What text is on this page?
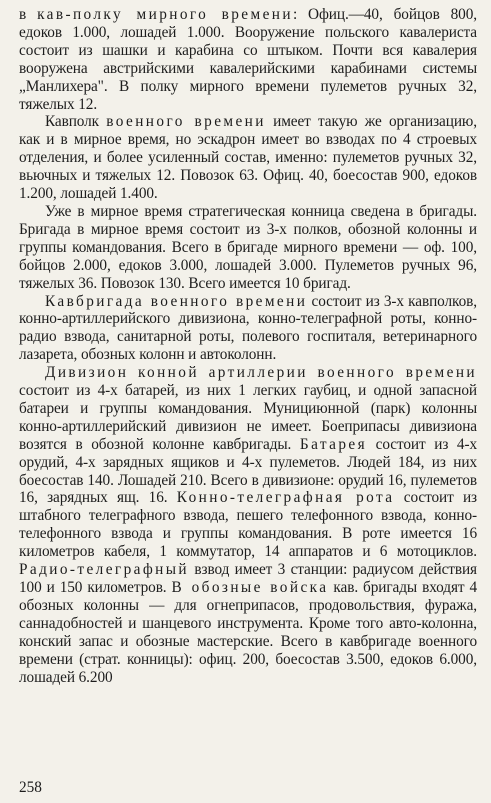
в кав-полку мирного времени: Офиц.—40, бойцов 800, едоков 1.000, лошадей 1.000. Вооружение польского кавалериста состоит из шашки и карабина со штыком. Почти вся кавалерия вооружена австрийскими кавалерийскими карабинами системы „Манлихера". В полку мирного времени пулеметов ручных 32, тяжелых 12.

Кавполк военного времени имеет такую же организацию, как и в мирное время, но эскадрон имеет во взводах по 4 строевых отделения, и более усиленный состав, именно: пулеметов ручных 32, вьючных и тяжелых 12. Повозок 63. Офиц. 40, боесостав 900, едоков 1.200, лошадей 1.400.

Уже в мирное время стратегическая конница сведена в бригады. Бригада в мирное время состоит из 3-х полков, обозной колонны и группы командования. Всего в бригаде мирного времени — оф. 100, бойцов 2.000, едоков 3.000, лошадей 3.000. Пулеметов ручных 96, тяжелых 36. Повозок 130. Всего имеется 10 бригад.

Кавбригада военного времени состоит из 3-х кавполков, конно-артиллерийского дивизиона, конно-телеграфной роты, конно-радио взвода, санитарной роты, полевого госпиталя, ветеринарного лазарета, обозных колонн и автоколонн.

Дивизион конной артиллерии военного времени состоит из 4-х батарей, из них 1 легких гаубиц, и одной запасной батареи и группы командования. Мунициюнной (парк) колонны конно-артиллерийский дивизион не имеет. Боеприпасы дивизиона возятся в обозной колонне кавбригады. Батарея состоит из 4-х орудий, 4-х зарядных ящиков и 4-х пулеметов. Людей 184, из них боесостав 140. Лошадей 210. Всего в дивизионе: орудий 16, пулеметов 16, зарядных ящ. 16. Конно-телеграфная рота состоит из штабного телеграфного взвода, пешего телефонного взвода, конно-телефонного взвода и группы командования. В роте имеется 16 километров кабеля, 1 коммутатор, 14 аппаратов и 6 мотоциклов. Радио-телеграфный взвод имеет 3 станции: радиусом действия 100 и 150 километров. В обозные войска кав. бригады входят 4 обозных колонны — для огнеприпасов, продовольствия, фуража, саннадобностей и шанцевого инструмента. Кроме того авто-колонна, конский запас и обозные мастерские. Всего в кавбригаде военного времени (страт. конницы): офиц. 200, боесостав 3.500, едоков 6.000, лошадей 6.200

258
